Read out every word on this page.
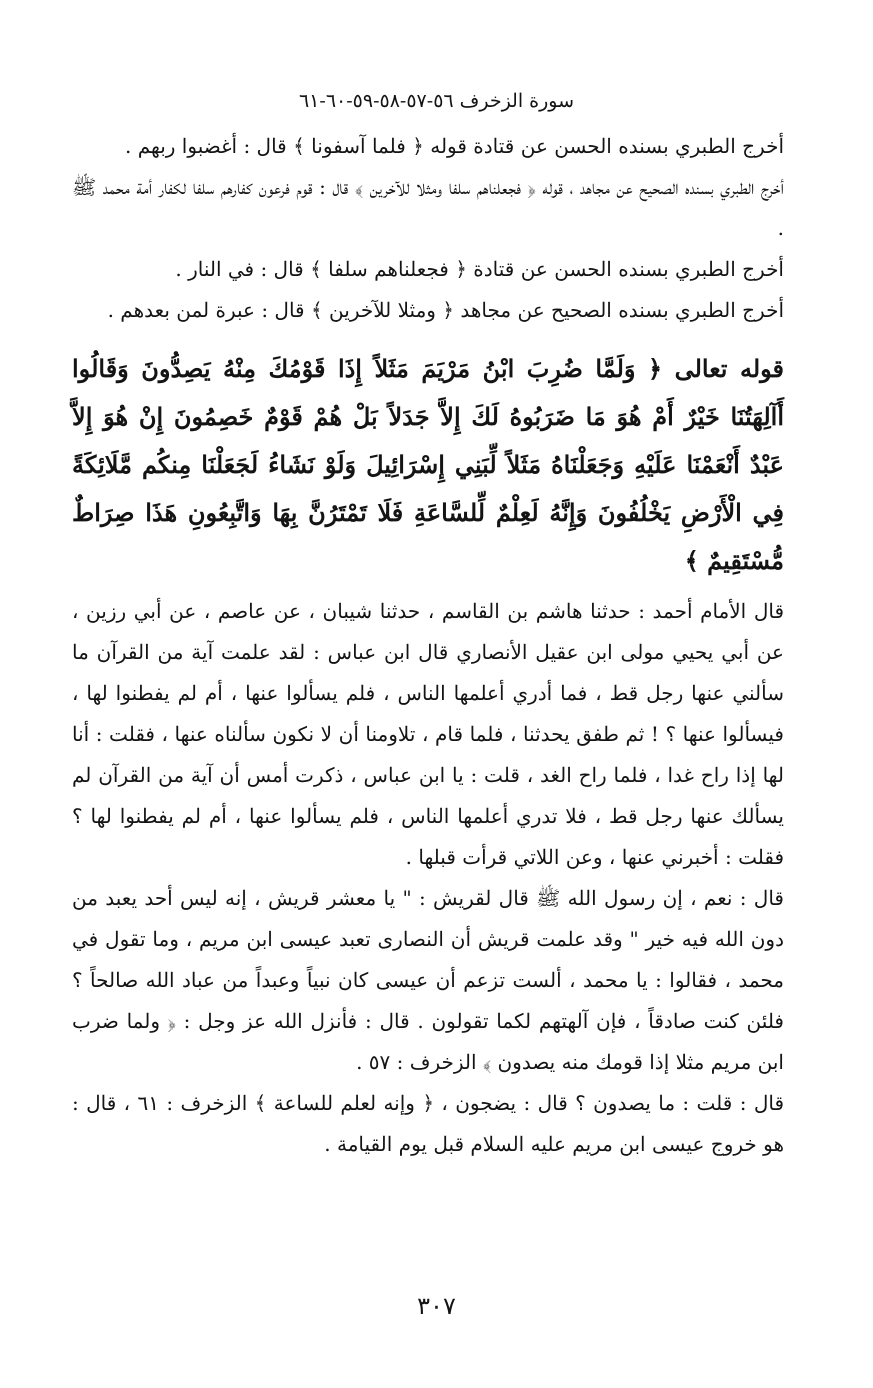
سورة الزخرف ٥٦-٥٧-٥٨-٥٩-٦٠-٦١

أخرج الطبري بسنده الحسن عن قتادة قوله ﴿ فلما آسفونا ﴾ قال : أغضبوا ربهم .

أخرج الطبري بسنده الصحيح عن مجاهد ، قوله ﴿ فجعلناهم سلفا ومثلا للآخرين ﴾ قال : قوم فرعون كفارهم سلفا لكفار أمة محمد ﷺ .

أخرج الطبري بسنده الحسن عن قتادة ﴿ فجعلناهم سلفا ﴾ قال : في النار .

أخرج الطبري بسنده الصحيح عن مجاهد ﴿ ومثلا للآخرين ﴾ قال : عبرة لمن بعدهم .

قوله تعالى ﴿ وَلَمَّا ضُرِبَ ابْنُ مَرْيَمَ مَثَلاً إِذَا قَوْمُكَ مِنْهُ يَصِدُّونَ وَقَالُوا أَآلِهَتُنَا خَيْرٌ أَمْ هُوَ مَا ضَرَبُوهُ لَكَ إِلاَّ جَدَلاً بَلْ هُمْ قَوْمٌ خَصِمُونَ إِنْ هُوَ إِلاَّ عَبْدٌ أَنْعَمْنَا عَلَيْهِ وَجَعَلْنَاهُ مَثَلاً لِّبَنِي إِسْرَائِيلَ وَلَوْ نَشَاءُ لَجَعَلْنَا مِنكُم مَّلَائِكَةً فِي الْأَرْضِ يَخْلُفُونَ وَإِنَّهُ لَعِلْمٌ لِّلسَّاعَةِ فَلَا تَمْتَرُنَّ بِهَا وَاتَّبِعُونِ هَذَا صِرَاطٌ مُّسْتَقِيمٌ ﴾

قال الأمام أحمد : حدثنا هاشم بن القاسم ، حدثنا شيبان ، عن عاصم ، عن أبي رزين ، عن أبي يحيي مولى ابن عقيل الأنصاري قال ابن عباس : لقد علمت آية من القرآن ما سألني عنها رجل قط ، فما أدري أعلمها الناس ، فلم يسألوا عنها ، أم لم يفطنوا لها ، فيسألوا عنها ؟ ! ثم طفق يحدثنا ، فلما قام ، تلاومنا أن لا نكون سألناه عنها ، فقلت : أنا لها إذا راح غدا ، فلما راح الغد ، قلت : يا ابن عباس ، ذكرت أمس أن آية من القرآن لم يسألك عنها رجل قط ، فلا تدري أعلمها الناس ، فلم يسألوا عنها ، أم لم يفطنوا لها ؟ فقلت : أخبرني عنها ، وعن اللاتي قرأت قبلها .

قال : نعم ، إن رسول الله ﷺ قال لقريش : " يا معشر قريش ، إنه ليس أحد يعبد من دون الله فيه خير " وقد علمت قريش أن النصارى تعبد عيسى ابن مريم ، وما تقول في محمد ، فقالوا : يا محمد ، ألست تزعم أن عيسى كان نبياً وعبداً من عباد الله صالحاً ؟ فلئن كنت صادقاً ، فإن آلهتهم لكما تقولون . قال : فأنزل الله عز وجل : ﴿ ولما ضرب ابن مريم مثلا إذا قومك منه يصدون ﴾ الزخرف : ٥٧ .

قال : قلت : ما يصدون ؟ قال : يضجون ، ﴿ وإنه لعلم للساعة ﴾ الزخرف : ٦١ ، قال : هو خروج عيسى ابن مريم عليه السلام قبل يوم القيامة .

٣٠٧
